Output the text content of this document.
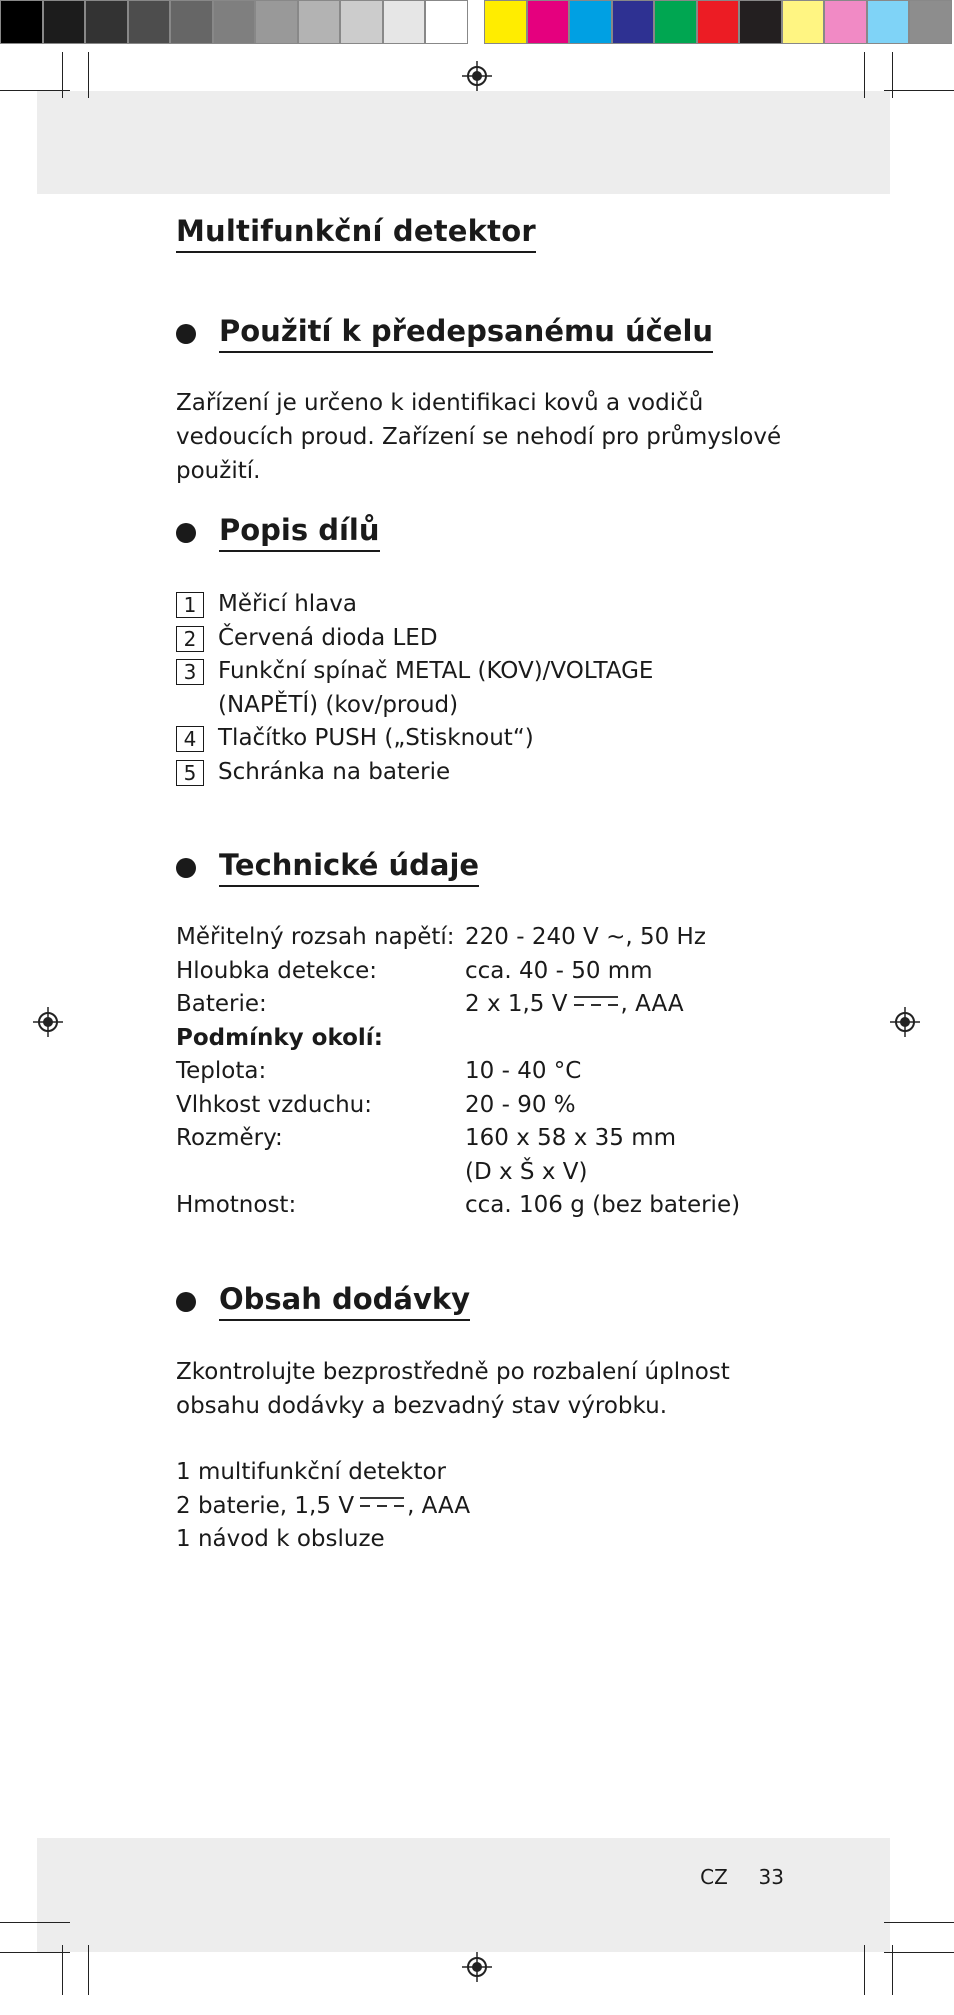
Multifunkční detektor
Použití k předepsanému účelu

Zařízení je určeno k identifikaci kovů a vodičů vedoucích proud. Zařízení se nehodí pro průmyslové použití.

Popis dílů
1 Měřicí hlava
2 Červená dioda LED
3 Funkční spínač METAL (KOV)/VOLTAGE (NAPĚTÍ) (kov/proud)
4 Tlačítko PUSH („Stisknout“)
5 Schránka na baterie
Technické údaje
Měřitelný rozsah napětí: 220 - 240 V ~, 50 Hz
Hloubka detekce:	cca. 40 - 50 mm
Baterie:	2 x 1,5 V , AAA
Podmínky okolí:
Teplota:	10 - 40 °C
Vlhkost vzduchu:	20 - 90 %
Rozměry:	160 x 58 x 35 mm
(D x Š x V)
Hmotnost:	cca. 106 g (bez baterie)
Obsah dodávky

Zkontrolujte bezprostředně po rozbalení úplnost obsahu dodávky a bezvadný stav výrobku.

1 multifunkční detektor
2 baterie, 1,5 V , AAA
1 návod k obsluze
CZ 33
